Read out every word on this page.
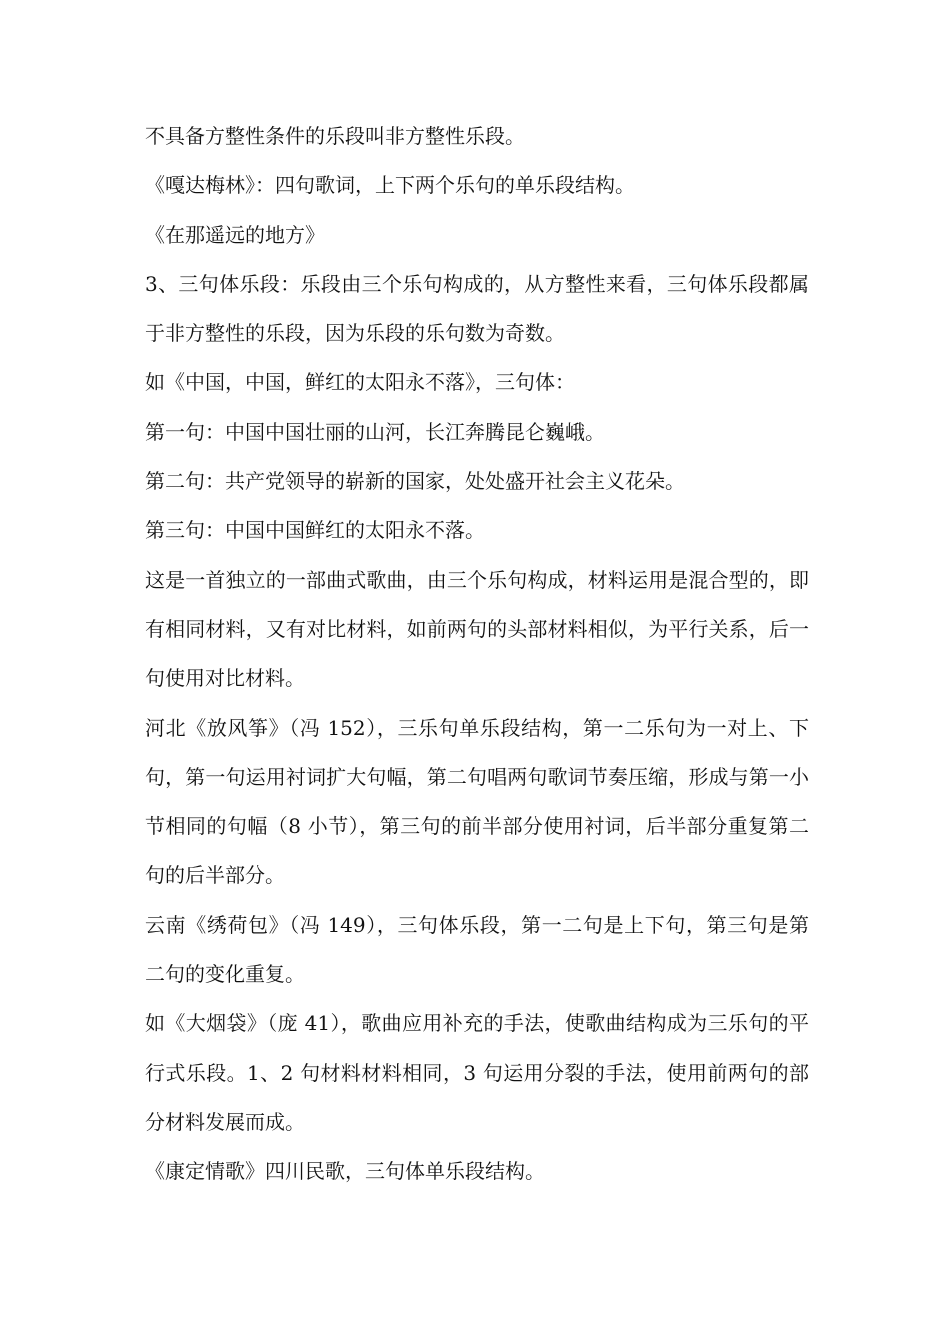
不具备方整性条件的乐段叫非方整性乐段。

《嘎达梅林》：四句歌词，上下两个乐句的单乐段结构。

《在那遥远的地方》

3、三句体乐段：乐段由三个乐句构成的，从方整性来看，三句体乐段都属于非方整性的乐段，因为乐段的乐句数为奇数。

如《中国，中国，鲜红的太阳永不落》，三句体：

第一句：中国中国壮丽的山河，长江奔腾昆仑巍峨。

第二句：共产党领导的崭新的国家，处处盛开社会主义花朵。

第三句：中国中国鲜红的太阳永不落。

这是一首独立的一部曲式歌曲，由三个乐句构成，材料运用是混合型的，即有相同材料，又有对比材料，如前两句的头部材料相似，为平行关系，后一句使用对比材料。

河北《放风筝》（冯 152），三乐句单乐段结构，第一二乐句为一对上、下句，第一句运用衬词扩大句幅，第二句唱两句歌词节奏压缩，形成与第一小节相同的句幅（8 小节），第三句的前半部分使用衬词，后半部分重复第二句的后半部分。

云南《绣荷包》（冯 149），三句体乐段，第一二句是上下句，第三句是第二句的变化重复。

如《大烟袋》（庞 41），歌曲应用补充的手法，使歌曲结构成为三乐句的平行式乐段。1、2 句材料材料相同，3 句运用分裂的手法，使用前两句的部分材料发展而成。

《康定情歌》四川民歌，三句体单乐段结构。
